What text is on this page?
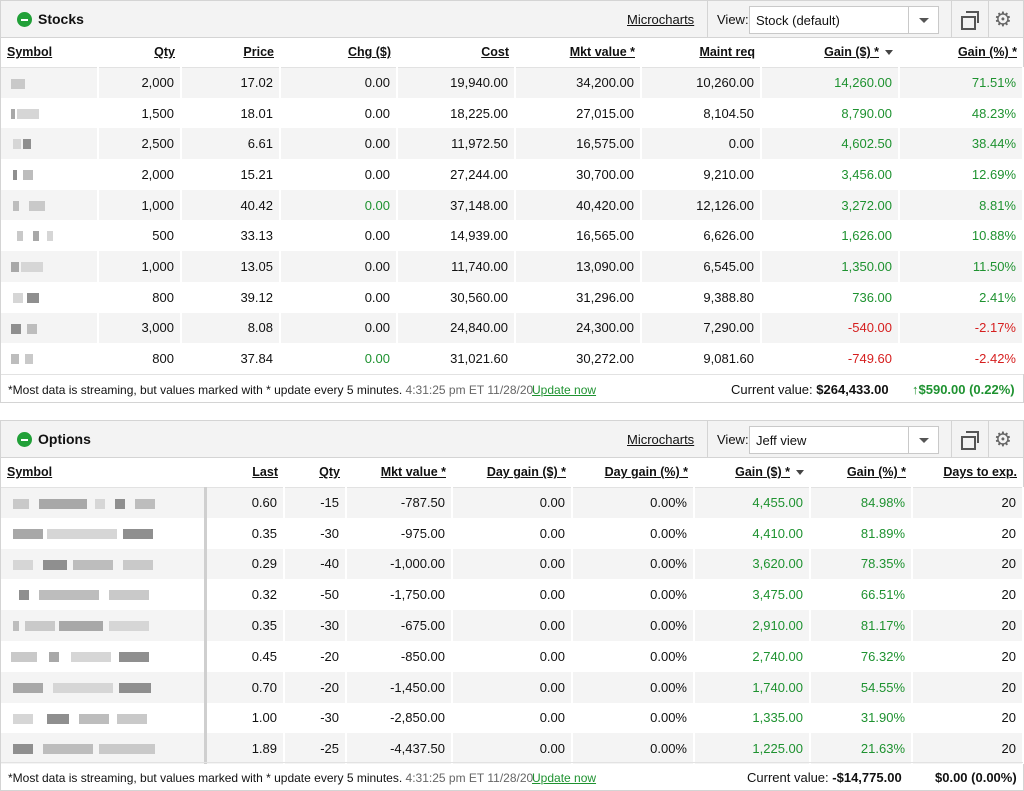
Stocks	Microcharts View: Stock (default)	⚙
Symbol	Qty	Price	Chg ($)	Cost	Mkt value *	Maint req	Gain ($) *	Gain (%) *

	2,000	17.02	0.00	19,940.00	34,200.00	10,260.00	14,260.00	71.51%

	1,500	18.01	0.00	18,225.00	27,015.00	8,104.50	8,790.00	48.23%

	2,500	6.61	0.00	11,972.50	16,575.00	0.00	4,602.50	38.44%

	2,000	15.21	0.00	27,244.00	30,700.00	9,210.00	3,456.00	12.69%

	1,000	40.42	0.00	37,148.00	40,420.00	12,126.00	3,272.00	8.81%

	500	33.13	0.00	14,939.00	16,565.00	6,626.00	1,626.00	10.88%

	1,000	13.05	0.00	11,740.00	13,090.00	6,545.00	1,350.00	11.50%

	800	39.12	0.00	30,560.00	31,296.00	9,388.80	736.00	2.41%

	3,000	8.08	0.00	24,840.00	24,300.00	7,290.00	-540.00	-2.17%

	800	37.84	0.00	31,021.60	30,272.00	9,081.60	-749.60	-2.42%
*Most data is streaming, but values marked with * update every 5 minutes. 4:31:25 pm ET 11/28/20
Update now	Current value: $264,433.00 ↑$590.00 (0.22%)
Options	Microcharts View: Jeff view	⚙
Symbol	Last	Qty	Mkt value *	Day gain ($) *	Day gain (%) *	Gain ($) *	Gain (%) *	Days to exp.

	0.60	-15	-787.50	0.00	0.00%	4,455.00	84.98%	20

	0.35	-30	-975.00	0.00	0.00%	4,410.00	81.89%	20

	0.29	-40	-1,000.00	0.00	0.00%	3,620.00	78.35%	20

	0.32	-50	-1,750.00	0.00	0.00%	3,475.00	66.51%	20

	0.35	-30	-675.00	0.00	0.00%	2,910.00	81.17%	20

	0.45	-20	-850.00	0.00	0.00%	2,740.00	76.32%	20

	0.70	-20	-1,450.00	0.00	0.00%	1,740.00	54.55%	20

	1.00	-30	-2,850.00	0.00	0.00%	1,335.00	31.90%	20

	1.89	-25	-4,437.50	0.00	0.00%	1,225.00	21.63%	20
*Most data is streaming, but values marked with * update every 5 minutes. 4:31:25 pm ET 11/28/20
Update now	Current value: -$14,775.00	$0.00 (0.00%)
